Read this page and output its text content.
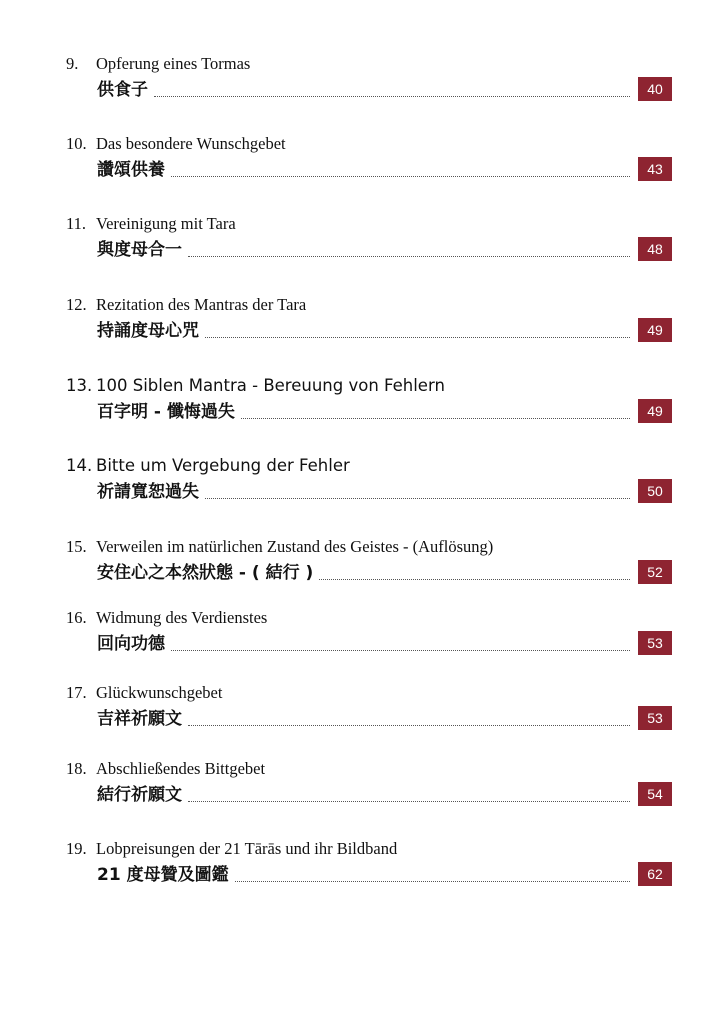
9. Opferung eines Tormas
供食子	40
10. Das besondere Wunschgebet
讚頌供養	43
11. Vereinigung mit Tara
與度母合一	48
12. Rezitation des Mantras der Tara
持誦度母心咒	49
13. 100 Siblen Mantra - Bereuung von Fehlern
百字明 - 懺悔過失	49
14. Bitte um Vergebung der Fehler
祈請寬恕過失	50
15. Verweilen im natürlichen Zustand des Geistes - (Auflösung)
安住心之本然狀態 - ( 結行 )	52
16. Widmung des Verdienstes
回向功德	53
17. Glückwunschgebet
吉祥祈願文	53
18. Abschließendes Bittgebet
結行祈願文	54
19. Lobpreisungen der 21 Tārās und ihr Bildband
21 度母贊及圖鑑	62
